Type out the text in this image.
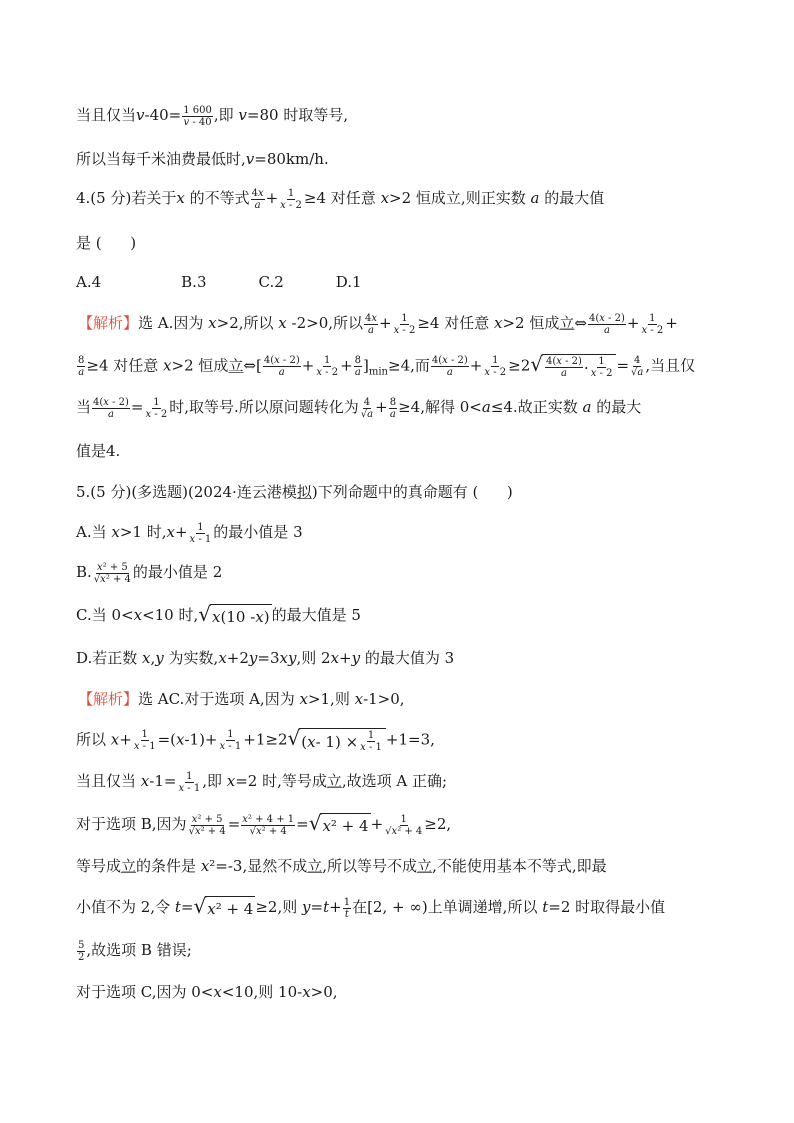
当且仅当$v-40= \frac{1 600}{v - 40}$ ,即 v=80 时取等号,
所以当每千米油费最低时,v=80km/h.
4.(5 分)若关于x 的不等式 $\frac{4x}{a} + \frac{1}{x - 2} \ge 4$ 对任意 x>2 恒成立,则正实数 a 的最大值
是 (      )
A.4	B.3	C.2	D.1
【解析】选 A.因为 x>2,所以 x -2>0,所以 $\frac{4x}{a} + \frac{1}{x - 2} \ge 4$ 对任意 x>2 恒成立⇔ $\frac{4(x - 2)}{a} + \frac{1}{x - 2}$ +
$\frac{8}{a} \ge 4$ 对任意 x>2 恒成立⇔[ $\frac{4(x - 2)}{a} + \frac{1}{x - 2} + \frac{8}{a} ]_{min}\ge 4$,而 $\frac{4(x - 2)}{a} + \frac{1}{x - 2} \ge 2$ √ $\frac{4(x - 2)}{a} \cdot \frac{1}{x - 2} = \frac{4}{√a}$ ,当且仅
当 $\frac{4(x - 2)}{a} = \frac{1}{x - 2}$ 时,取等号.所以原问题转化为 $\frac{4}{√a} + \frac{8}{a} \ge 4$,解得 0<a≤4.故正实数 a 的最大
值是4.
5.(5 分)(多选题)(2024·连云港模拟)下列命题中的真命题有 (      )
A.当 x>1 时$,x+ \frac{1}{x - 1}$ 的最小值是 3
B. $\frac{\text{x² + 5}}{\text{√x² + 4}}$ 的最小值是 2
C.当 0<x<10 时, √ x (10 - x ) 的最大值是 5
D.若正数 x,y 为实数,x+2y=3xy,则 2x+y 的最大值为 3
【解析】选 AC.对于选项 A,因为 x>1,则 x-1>0,
所以 $x+ \frac{1}{x - 1} =(x-1)+ \frac{1}{x - 1} +1\ge 2$ √ ( $x - 1) \times \frac{1}{x - 1} +1=3$,
当且仅当 $x-1= \frac{1}{x - 1}$ ,即 x=2 时,等号成立,故选项 A 正确;
对于选项 B,因为 $\frac{\text{x² + 5}}{\text{√x² + 4}} = \frac{\text{x² + 4 + 1}}{\text{√x² + 4}}$ = √ x $^2 + 4 + \frac{1}{\text{√x² + 4}} \ge 2$,
等号成立的条件是 x²=-3,显然不成立,所以等号不成立,不能使用基本不等式,即最
小值不为 2,令 t= √ x ² + 4 ≥2,则 $y=t+ \frac{1}{t}$ 在[2, + ∞)上单调递增,所以 t=2 时取得最小值
$\frac{5}{2}$ ,故选项 B 错误;
对于选项 C,因为 0<x<10,则 10-x>0,
